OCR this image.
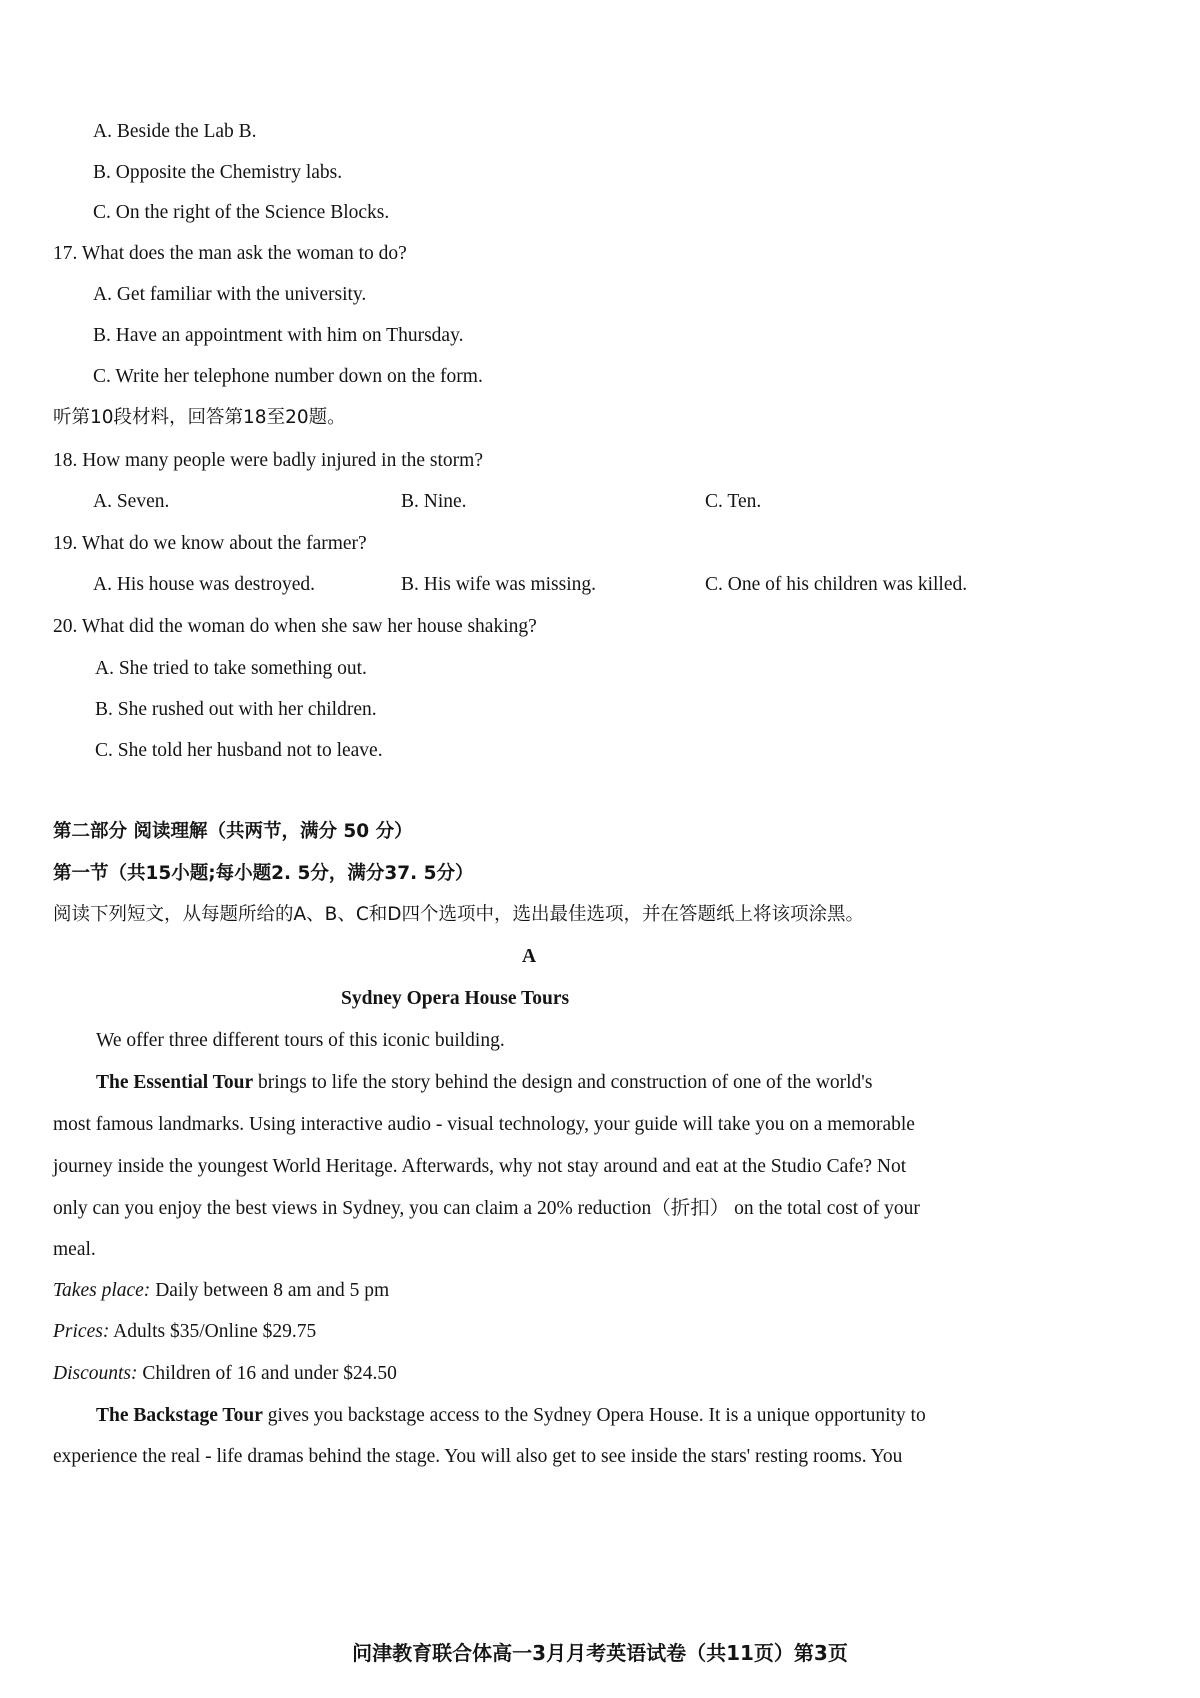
A. Beside the Lab B.
B. Opposite the Chemistry labs.
C. On the right of the Science Blocks.
17. What does the man ask the woman to do?
A. Get familiar with the university.
B. Have an appointment with him on Thursday.
C. Write her telephone number down on the form.
听第10段材料，回答第18至20题。
18. How many people were badly injured in the storm?
A. Seven.	B. Nine.	C. Ten.
19. What do we know about the farmer?
A. His house was destroyed.	B. His wife was missing.	C. One of his children was killed.
20. What did the woman do when she saw her house shaking?
A. She tried to take something out.
B. She rushed out with her children.
C. She told her husband not to leave.
第二部分 阅读理解（共两节，满分 50 分）
第一节（共15小题;每小题2. 5分，满分37. 5分）
阅读下列短文，从每题所给的A、B、C和D四个选项中，选出最佳选项，并在答题纸上将该项涂黑。
A
Sydney Opera House Tours
We offer three different tours of this iconic building.
The Essential Tour brings to life the story behind the design and construction of one of the world's
most famous landmarks. Using interactive audio - visual technology, your guide will take you on a memorable
journey inside the youngest World Heritage. Afterwards, why not stay around and eat at the Studio Cafe? Not
only can you enjoy the best views in Sydney, you can claim a 20% reduction（折扣） on the total cost of your
meal.
Takes place: Daily between 8 am and 5 pm
Prices: Adults $35/Online $29.75
Discounts: Children of 16 and under $24.50
The Backstage Tour gives you backstage access to the Sydney Opera House. It is a unique opportunity to
experience the real - life dramas behind the stage. You will also get to see inside the stars' resting rooms. You
问津教育联合体高一3月月考英语试卷（共11页）第3页
